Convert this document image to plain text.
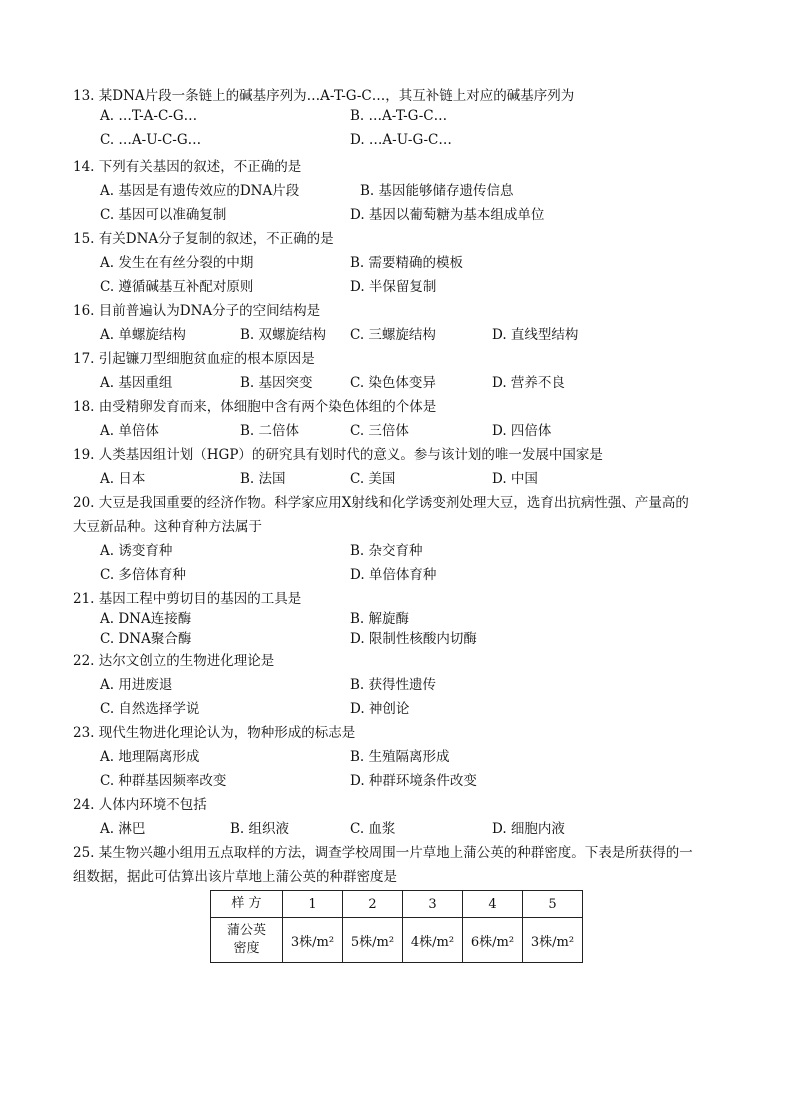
13. 某DNA片段一条链上的碱基序列为…A-T-G-C…，其互补链上对应的碱基序列为
A. …T-A-C-G…	B. …A-T-G-C…
C. …A-U-C-G…	D. …A-U-G-C…
14. 下列有关基因的叙述，不正确的是
A. 基因是有遗传效应的DNA片段	B. 基因能够储存遗传信息
C. 基因可以准确复制	D. 基因以葡萄糖为基本组成单位
15. 有关DNA分子复制的叙述，不正确的是
A. 发生在有丝分裂的中期	B. 需要精确的模板
C. 遵循碱基互补配对原则	D. 半保留复制
16. 目前普遍认为DNA分子的空间结构是
A. 单螺旋结构	B. 双螺旋结构 C. 三螺旋结构	D. 直线型结构
17. 引起镰刀型细胞贫血症的根本原因是
A. 基因重组	B. 基因突变	C. 染色体变异	D. 营养不良
18. 由受精卵发育而来，体细胞中含有两个染色体组的个体是
A. 单倍体	B. 二倍体	C. 三倍体	D. 四倍体
19. 人类基因组计划（HGP）的研究具有划时代的意义。参与该计划的唯一发展中国家是
A. 日本	B. 法国	C. 美国	D. 中国
20. 大豆是我国重要的经济作物。科学家应用X射线和化学诱变剂处理大豆，选育出抗病性强、产量高的
大豆新品种。这种育种方法属于
A. 诱变育种	B. 杂交育种
C. 多倍体育种	D. 单倍体育种
21. 基因工程中剪切目的基因的工具是
A. DNA连接酶	B. 解旋酶
C. DNA聚合酶	D. 限制性核酸内切酶
22. 达尔文创立的生物进化理论是
A. 用进废退	B. 获得性遗传
C. 自然选择学说	D. 神创论
23. 现代生物进化理论认为，物种形成的标志是
A. 地理隔离形成	B. 生殖隔离形成
C. 种群基因频率改变	D. 种群环境条件改变
24. 人体内环境不包括
A. 淋巴	B. 组织液	C. 血浆	D. 细胞内液
25. 某生物兴趣小组用五点取样的方法，调查学校周围一片草地上蒲公英的种群密度。下表是所获得的一
组数据，据此可估算出该片草地上蒲公英的种群密度是
样 方	1	2	3	4	5

蒲公英
密度	3株/m²	5株/m²	4株/m²	6株/m²	3株/m²
